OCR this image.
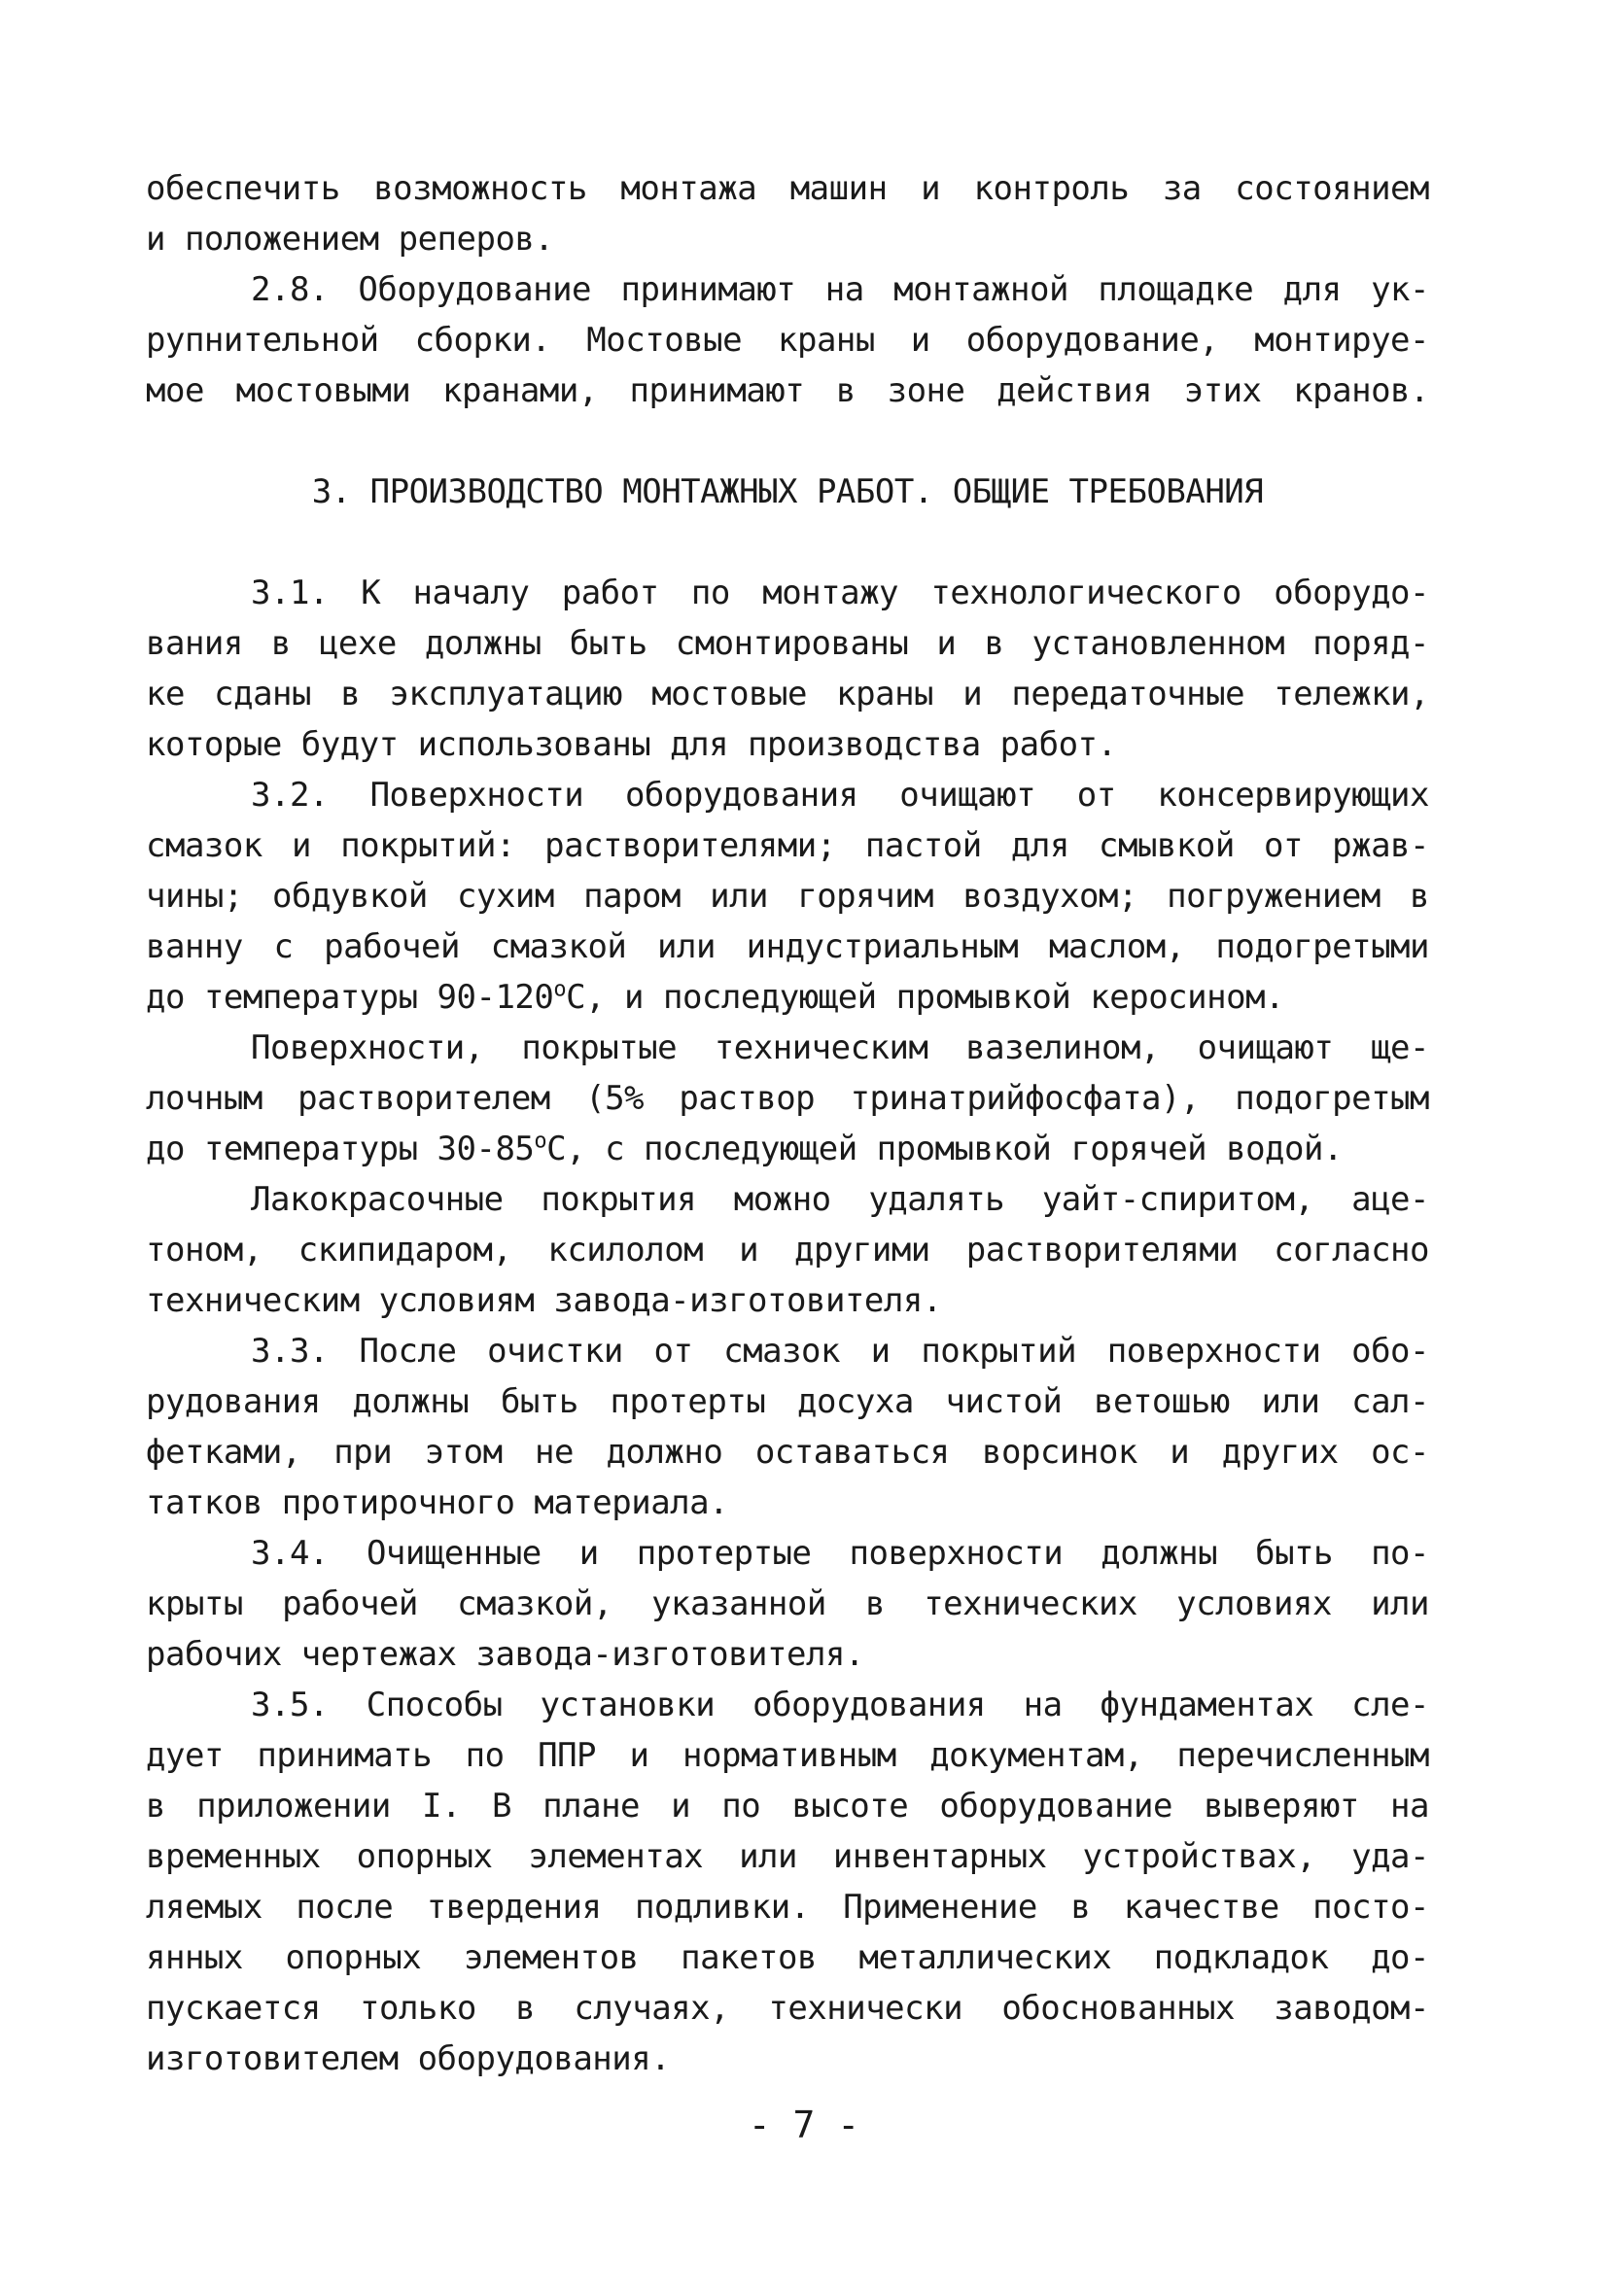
обеспечить возможность монтажа машин и контроль за состоянием
и положением реперов.
2.8. Оборудование принимают на монтажной площадке для ук-
рупнительной сборки. Мостовые краны и оборудование, монтируе-
мое мостовыми кранами, принимают в зоне действия этих кранов.
3. ПРОИЗВОДСТВО МОНТАЖНЫХ РАБОТ. ОБЩИЕ ТРЕБОВАНИЯ
3.1. К началу работ по монтажу технологического оборудо-
вания в цехе должны быть смонтированы и в установленном поряд-
ке сданы в эксплуатацию мостовые краны и передаточные тележки,
которые будут использованы для производства работ.
3.2. Поверхности оборудования очищают от консервирующих
смазок и покрытий: растворителями; пастой для смывкой от ржав-
чины; обдувкой сухим паром или горячим воздухом; погружением в
ванну с рабочей смазкой или индустриальным маслом, подогретыми
до температуры $90-120^оС$, и последующей промывкой керосином.
Поверхности, покрытые техническим вазелином, очищают ще-
лочным растворителем (5% раствор тринатрийфосфата), подогретым
до температуры $30-85^оС$, с последующей промывкой горячей водой.
Лакокрасочные покрытия можно удалять уайт-спиритом, аце-
тоном, скипидаром, ксилолом и другими растворителями согласно
техническим условиям завода-изготовителя.
3.3. После очистки от смазок и покрытий поверхности обо-
рудования должны быть протерты досуха чистой ветошью или сал-
фетками, при этом не должно оставаться ворсинок и других ос-
татков протирочного материала.
3.4. Очищенные и протертые поверхности должны быть по-
крыты рабочей смазкой, указанной в технических условиях или
рабочих чертежах завода-изготовителя.
3.5. Способы установки оборудования на фундаментах сле-
дует принимать по ППР и нормативным документам, перечисленным
в приложении I. В плане и по высоте оборудование выверяют на
временных опорных элементах или инвентарных устройствах, уда-
ляемых после твердения подливки. Применение в качестве посто-
янных опорных элементов пакетов металлических подкладок до-
пускается только в случаях, технически обоснованных заводом-
изготовителем оборудования.
- 7 -
